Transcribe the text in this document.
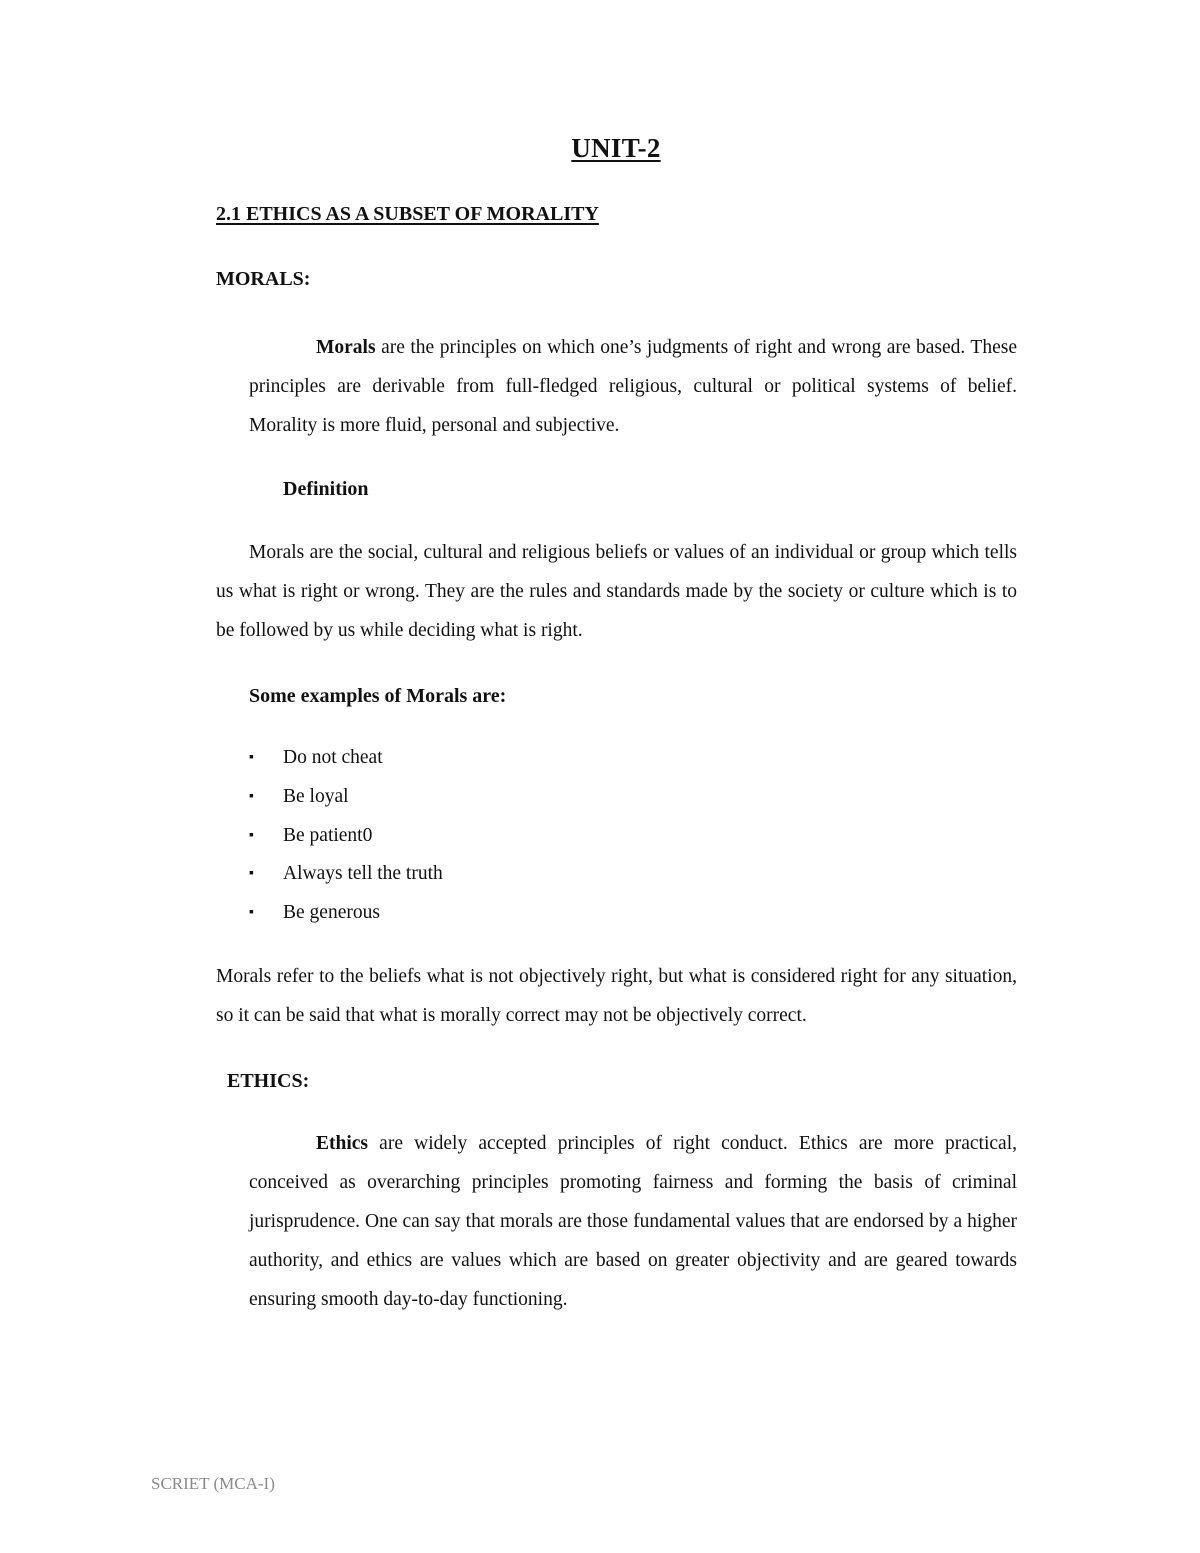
UNIT-2
2.1 ETHICS AS A SUBSET OF MORALITY
MORALS:

Morals are the principles on which one’s judgments of right and wrong are based. These principles are derivable from full-fledged religious, cultural or political systems of belief. Morality is more fluid, personal and subjective.

Definition

Morals are the social, cultural and religious beliefs or values of an individual or group which tells us what is right or wrong. They are the rules and standards made by the society or culture which is to be followed by us while deciding what is right.

Some examples of Morals are:
▪ Do not cheat
▪ Be loyal
▪ Be patient0
▪ Always tell the truth
▪ Be generous

Morals refer to the beliefs what is not objectively right, but what is considered right for any situation, so it can be said that what is morally correct may not be objectively correct.

ETHICS:

Ethics are widely accepted principles of right conduct. Ethics are more practical, conceived as overarching principles promoting fairness and forming the basis of criminal jurisprudence. One can say that morals are those fundamental values that are endorsed by a higher authority, and ethics are values which are based on greater objectivity and are geared towards ensuring smooth day-to-day functioning.

SCRIET (MCA-I)
